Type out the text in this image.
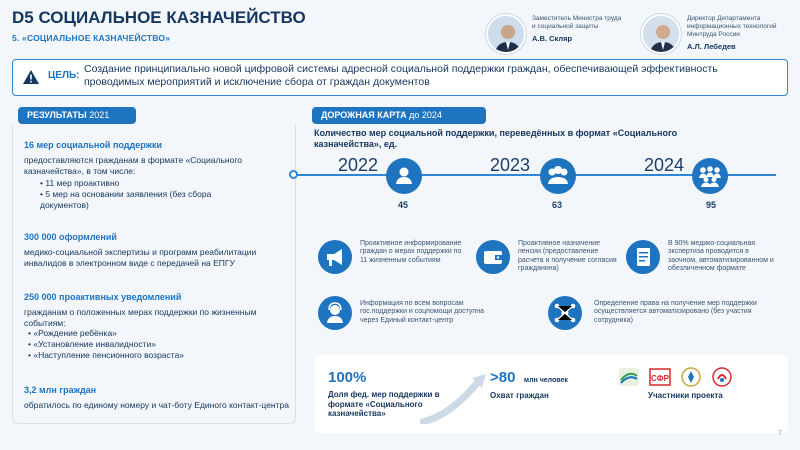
D5 СОЦИАЛЬНОЕ КАЗНАЧЕЙСТВО
5. «СОЦИАЛЬНОЕ КАЗНАЧЕЙСТВО»
Заместитель Министра труда
и социальной защиты
А.В. Скляр
Директор Департамента
информационных технологий
Минтруда России
А.Л. Лебедев
ЦЕЛЬ:
Создание принципиально новой цифровой системы адресной социальной поддержки граждан, обеспечивающей эффективность проводимых мероприятий и исключение сбора от граждан документов
РЕЗУЛЬТАТЫ 2021
16 мер социальной поддержки
предоставляются гражданам в формате «Социального казначейства», в том числе:
• 11 мер проактивно
• 5 мер на основании заявления (без сбора документов)
300 000 оформлений
медико-социальной экспертизы и программ реабилитации инвалидов в электронном виде с передачей на ЕПГУ
250 000 проактивных уведомлений
гражданам о положенных мерах поддержки по жизненным событиям:
• «Рождение ребёнка»
• «Установление инвалидности»
• «Наступление пенсионного возраста»
3,2 млн граждан
обратилось по единому номеру и чат-боту Единого контакт-центра
ДОРОЖНАЯ КАРТА до 2024
Количество мер социальной поддержки, переведённых в формат «Социального казначейства», ед.
2022
45
2023
63
2024
95
Проактивное информирование граждан о мерах поддержки по 11 жизненным событиям
Проактивное назначение пенсии (предоставление расчета и получение согласия гражданина)
В 90% медико-социальная экспертиза проводится в заочном, автоматизированном и обезличенном формате
Информация по всем вопросам гос.поддержки и соцпомощи доступна через Единый контакт-центр
Определение права на получение мер поддержки осуществляется автоматизировано (без участия сотрудника)
100%
Доля фед. мер поддержки в формате «Социального казначейства»
>80 млн человек
Охват граждан
СФР
Участники проекта
7
